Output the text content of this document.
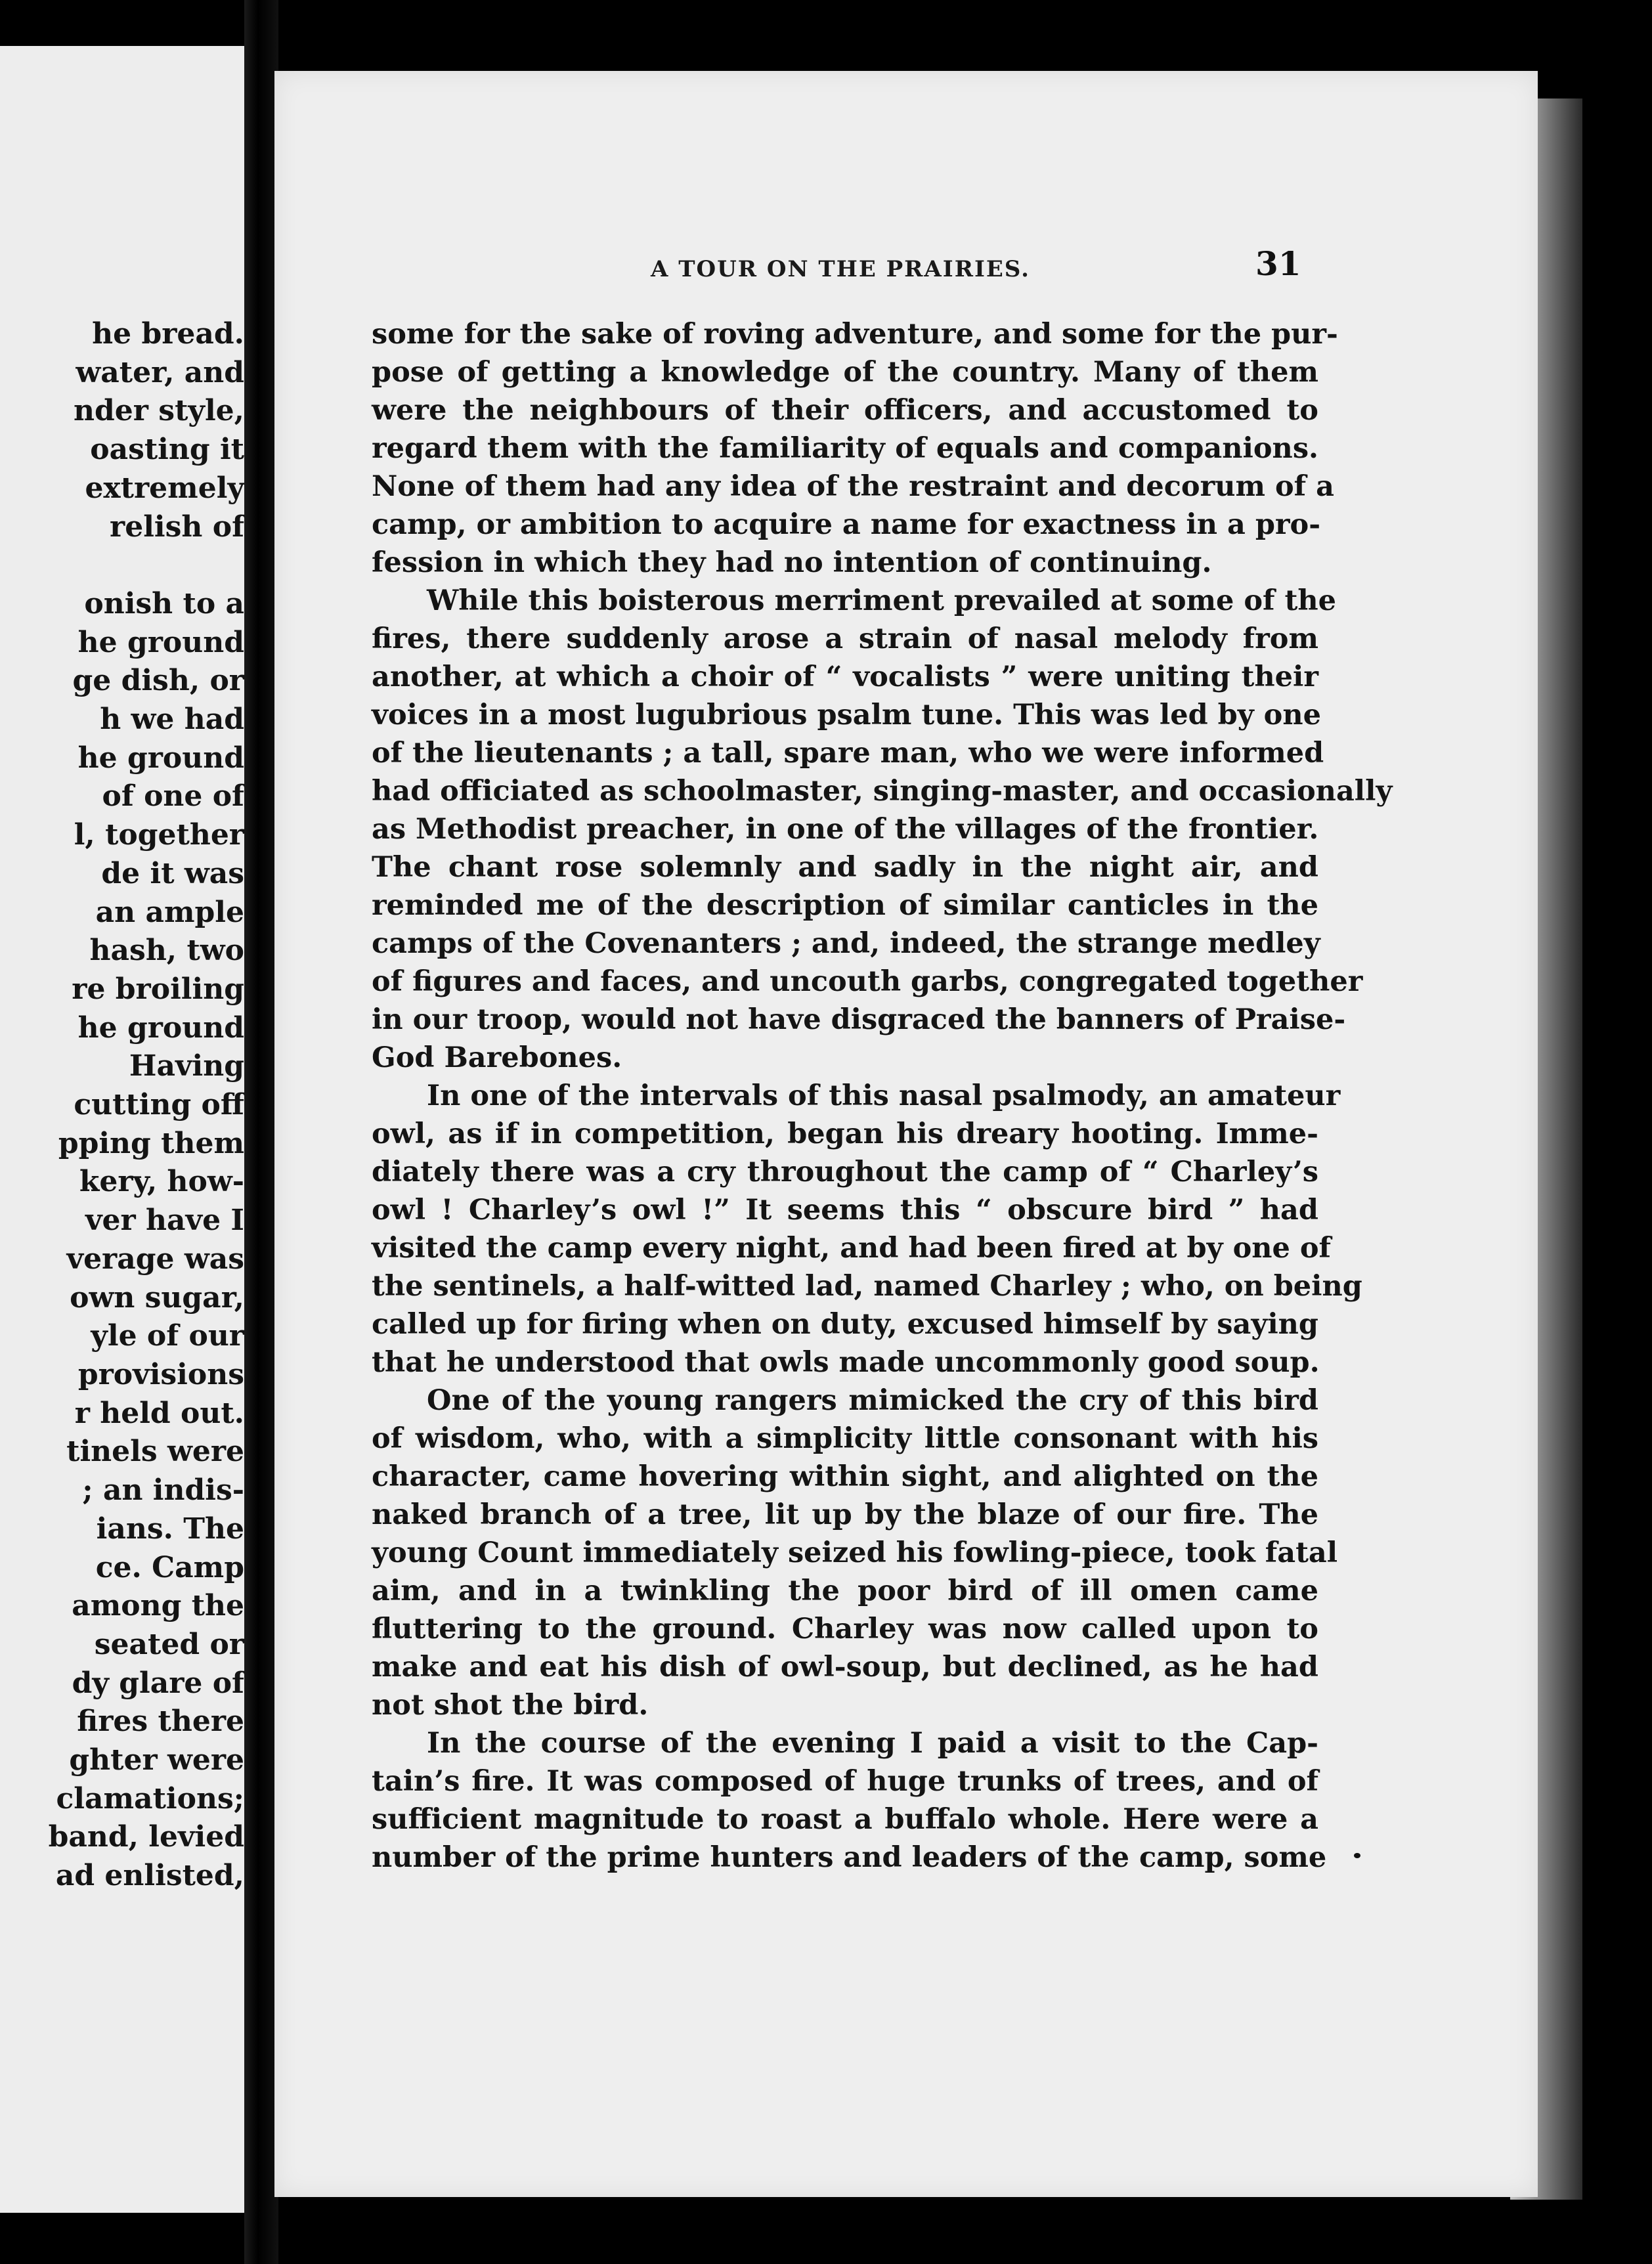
he bread.
water, and
nder style,
oasting it
extremely
relish of
onish to a
he ground
ge dish, or
h we had
he ground
of one of
l, together
de it was
an ample
hash, two
re broiling
he ground
Having
cutting off
pping them
kery, how-
ver have I
verage was
own sugar,
yle of our
provisions
r held out.
tinels were
; an indis-
ians. The
ce. Camp
among the
seated or
dy glare of
fires there
ghter were
clamations;
band, levied
ad enlisted,
A TOUR ON THE PRAIRIES.	31
some for the sake of roving adventure, and some for the pur-
pose of getting a knowledge of the country. Many of them
were the neighbours of their officers, and accustomed to
regard them with the familiarity of equals and companions.
None of them had any idea of the restraint and decorum of a
camp, or ambition to acquire a name for exactness in a pro-
fession in which they had no intention of continuing.
While this boisterous merriment prevailed at some of the
fires, there suddenly arose a strain of nasal melody from
another, at which a choir of “ vocalists ” were uniting their
voices in a most lugubrious psalm tune. This was led by one
of the lieutenants ; a tall, spare man, who we were informed
had officiated as schoolmaster, singing-master, and occasionally
as Methodist preacher, in one of the villages of the frontier.
The chant rose solemnly and sadly in the night air, and
reminded me of the description of similar canticles in the
camps of the Covenanters ; and, indeed, the strange medley
of figures and faces, and uncouth garbs, congregated together
in our troop, would not have disgraced the banners of Praise-
God Barebones.
In one of the intervals of this nasal psalmody, an amateur
owl, as if in competition, began his dreary hooting. Imme-
diately there was a cry throughout the camp of “ Charley’s
owl ! Charley’s owl !” It seems this “ obscure bird ” had
visited the camp every night, and had been fired at by one of
the sentinels, a half-witted lad, named Charley ; who, on being
called up for firing when on duty, excused himself by saying
that he understood that owls made uncommonly good soup.
One of the young rangers mimicked the cry of this bird
of wisdom, who, with a simplicity little consonant with his
character, came hovering within sight, and alighted on the
naked branch of a tree, lit up by the blaze of our fire. The
young Count immediately seized his fowling-piece, took fatal
aim, and in a twinkling the poor bird of ill omen came
fluttering to the ground. Charley was now called upon to
make and eat his dish of owl-soup, but declined, as he had
not shot the bird.
In the course of the evening I paid a visit to the Cap-
tain’s fire. It was composed of huge trunks of trees, and of
sufficient magnitude to roast a buffalo whole. Here were a
number of the prime hunters and leaders of the camp, some
